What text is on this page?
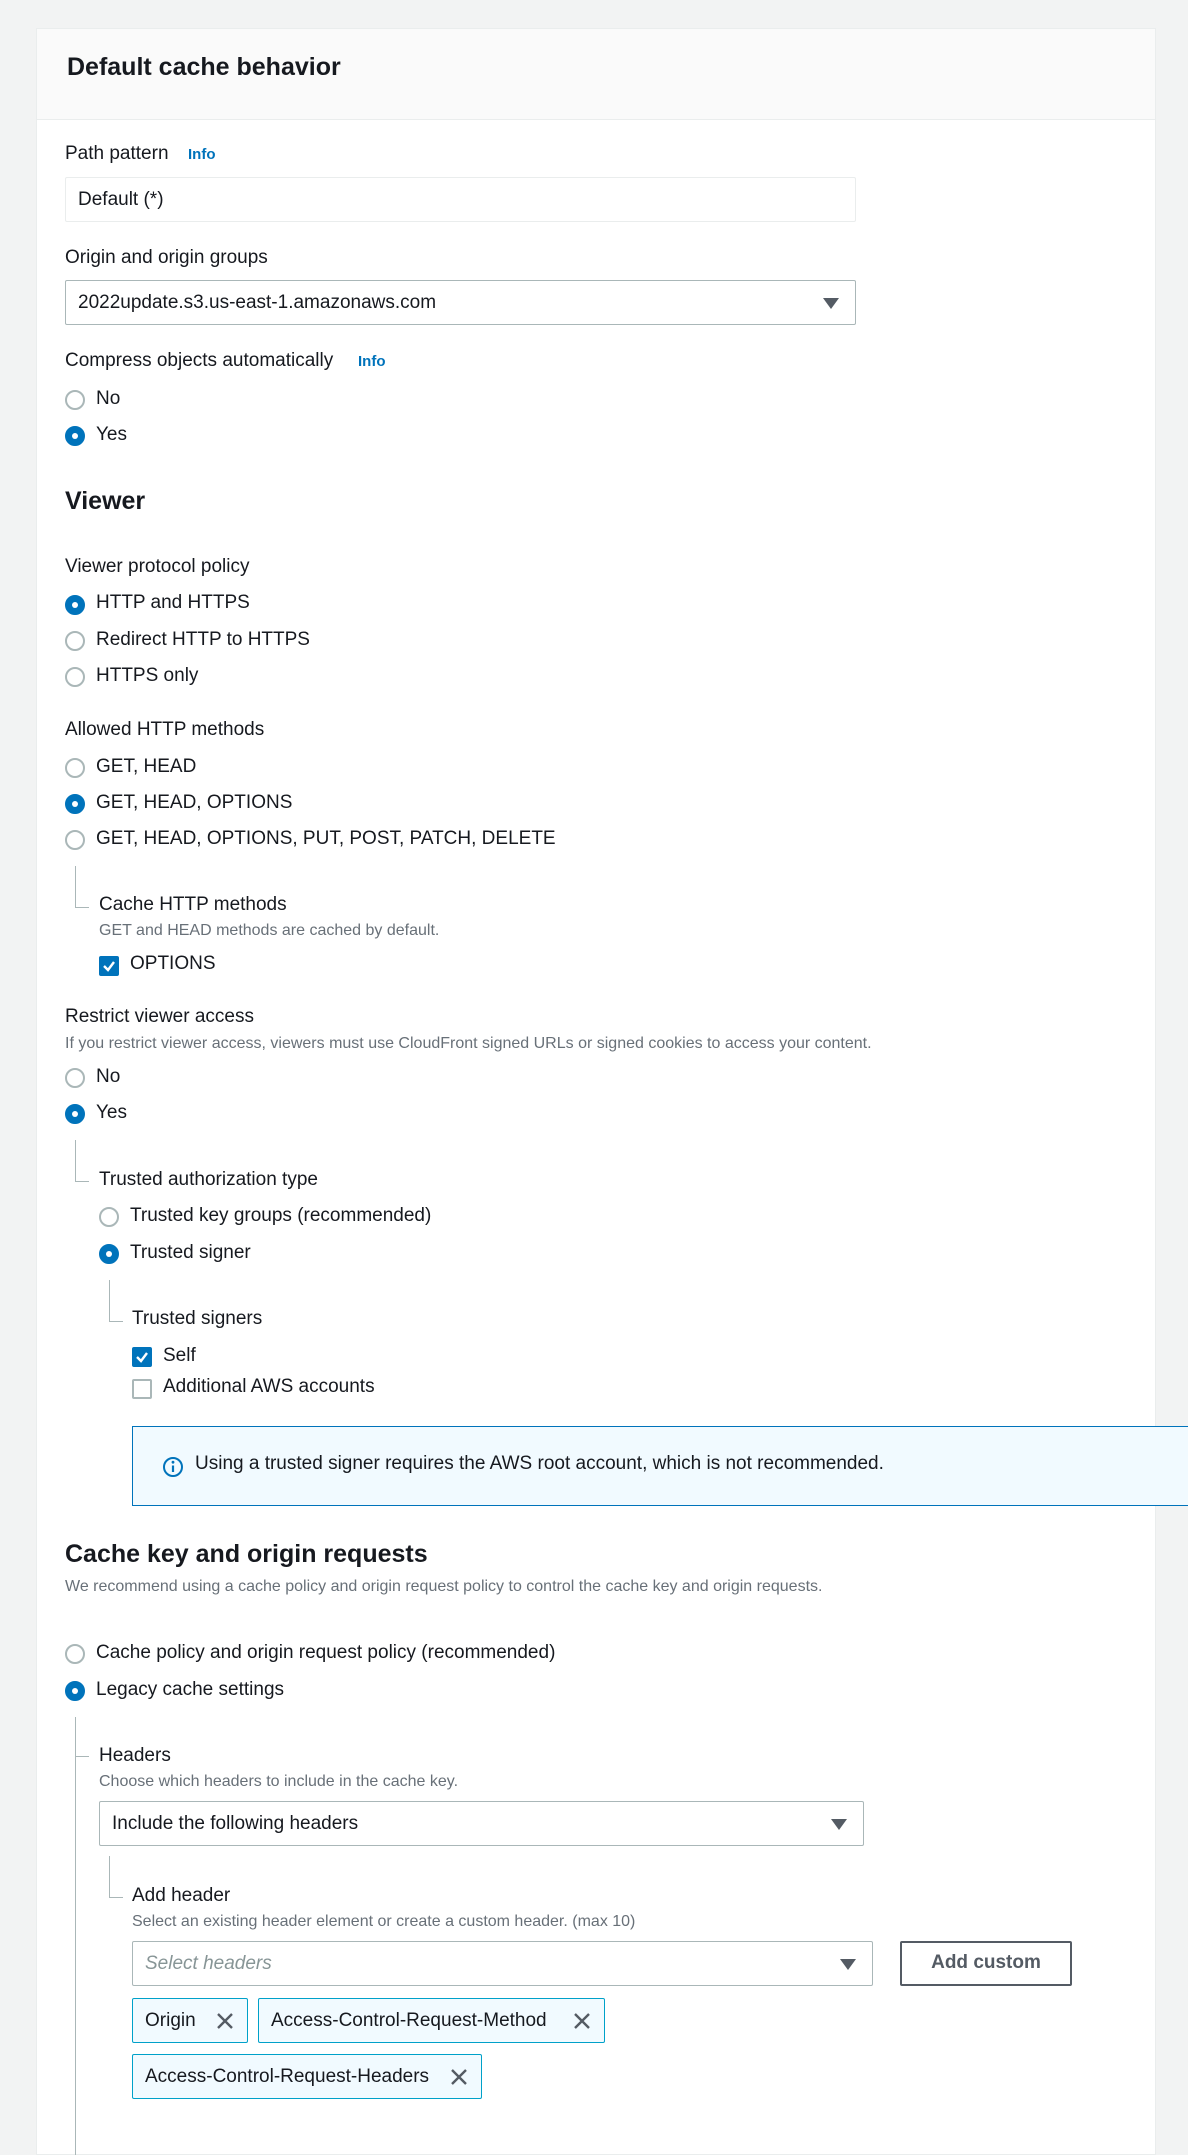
Default cache behavior
Path pattern Info
Default (*)
Origin and origin groups
2022update.s3.us-east-1.amazonaws.com
Compress objects automatically Info
No
Yes
Viewer
Viewer protocol policy
HTTP and HTTPS
Redirect HTTP to HTTPS
HTTPS only
Allowed HTTP methods
GET, HEAD
GET, HEAD, OPTIONS
GET, HEAD, OPTIONS, PUT, POST, PATCH, DELETE
Cache HTTP methods
GET and HEAD methods are cached by default.
OPTIONS
Restrict viewer access
If you restrict viewer access, viewers must use CloudFront signed URLs or signed cookies to access your content.
No
Yes
Trusted authorization type
Trusted key groups (recommended)
Trusted signer
Trusted signers
Self
Additional AWS accounts
Using a trusted signer requires the AWS root account, which is not recommended.
Cache key and origin requests
We recommend using a cache policy and origin request policy to control the cache key and origin requests.
Cache policy and origin request policy (recommended)
Legacy cache settings
Headers
Choose which headers to include in the cache key.
Include the following headers
Add header
Select an existing header element or create a custom header. (max 10)
Select headers	Add custom
Origin	Access-Control-Request-Method
Access-Control-Request-Headers
